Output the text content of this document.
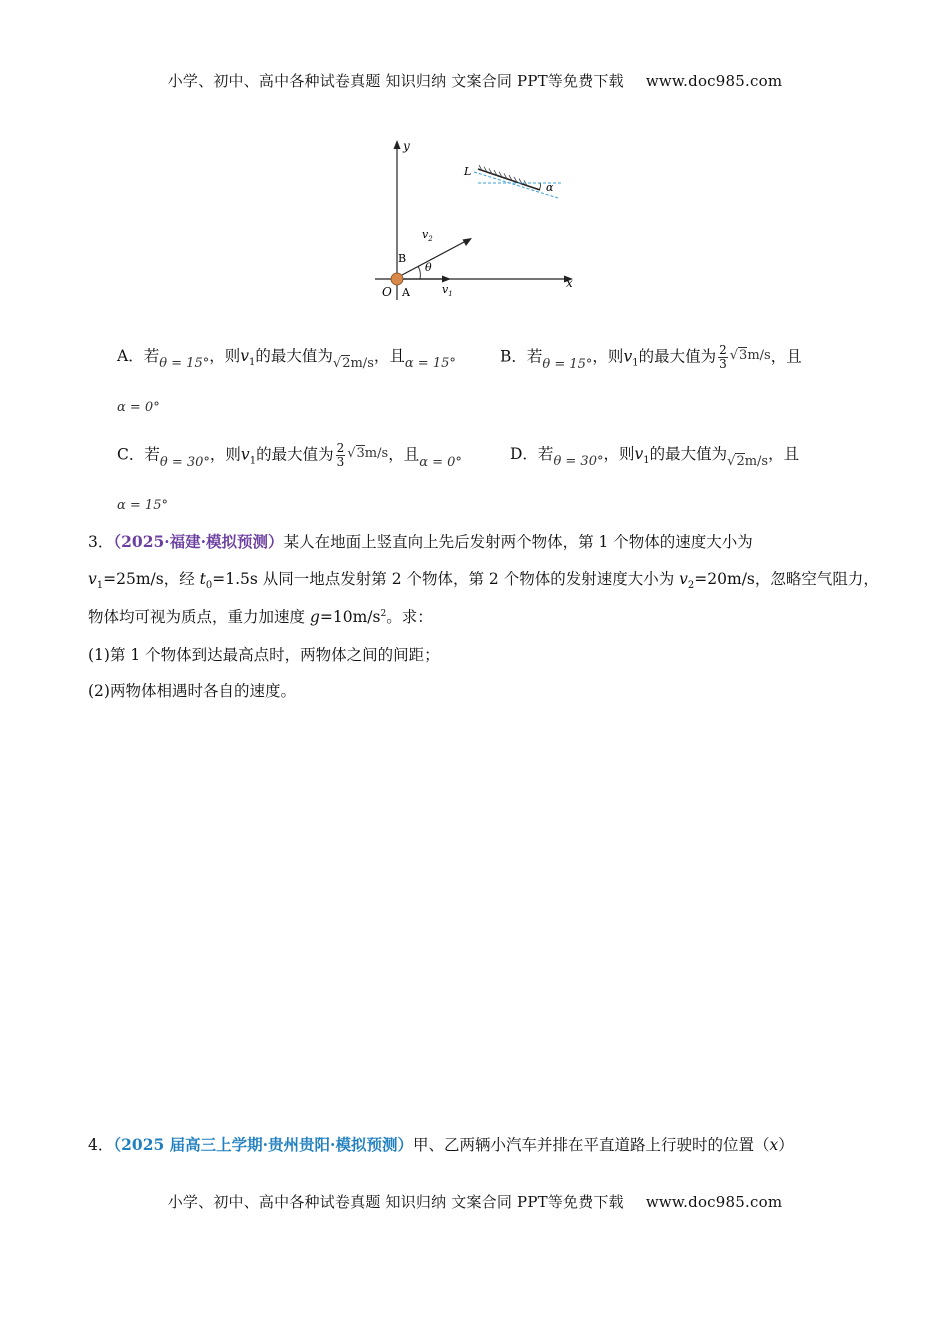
小学、初中、高中各种试卷真题 知识归纳 文案合同 PPT等免费下载 www.doc985.com
y
x
O A
B
$v_1$
$v_2$
θ
L
α
A．若$_{\theta = 15^\circ}$，则$v_1$的最大值为$_{√2m/s}$，且$_{\alpha = 15^\circ}$	B．若$_{\theta = 15^\circ}$，则$v_1$的最大值为 $\frac{2}{3} √3m/s$，且
α = 0°
C．若$_{\theta = 30^\circ}$，则$v_1$的最大值为 $\frac{2}{3} √3m/s$，且$_{\alpha = 0^\circ}$	D．若$_{\theta = 30^\circ}$，则$v_1$的最大值为$_{√2m/s}$，且
α = 15°
3．（2025·福建·模拟预测）某人在地面上竖直向上先后发射两个物体，第 1 个物体的速度大小为
$v_1=25m/s$，经 $t_0=1.5s$ 从同一地点发射第 2 个物体，第 2 个物体的发射速度大小为 $v_2=20m/s$，忽略空气阻力，
物体均可视为质点，重力加速度 $g=10m/s^2$。求：
(1)第 1 个物体到达最高点时，两物体之间的间距；
(2)两物体相遇时各自的速度。
4．（2025 届高三上学期·贵州贵阳·模拟预测）甲、乙两辆小汽车并排在平直道路上行驶时的位置（x）
小学、初中、高中各种试卷真题 知识归纳 文案合同 PPT等免费下载 www.doc985.com
